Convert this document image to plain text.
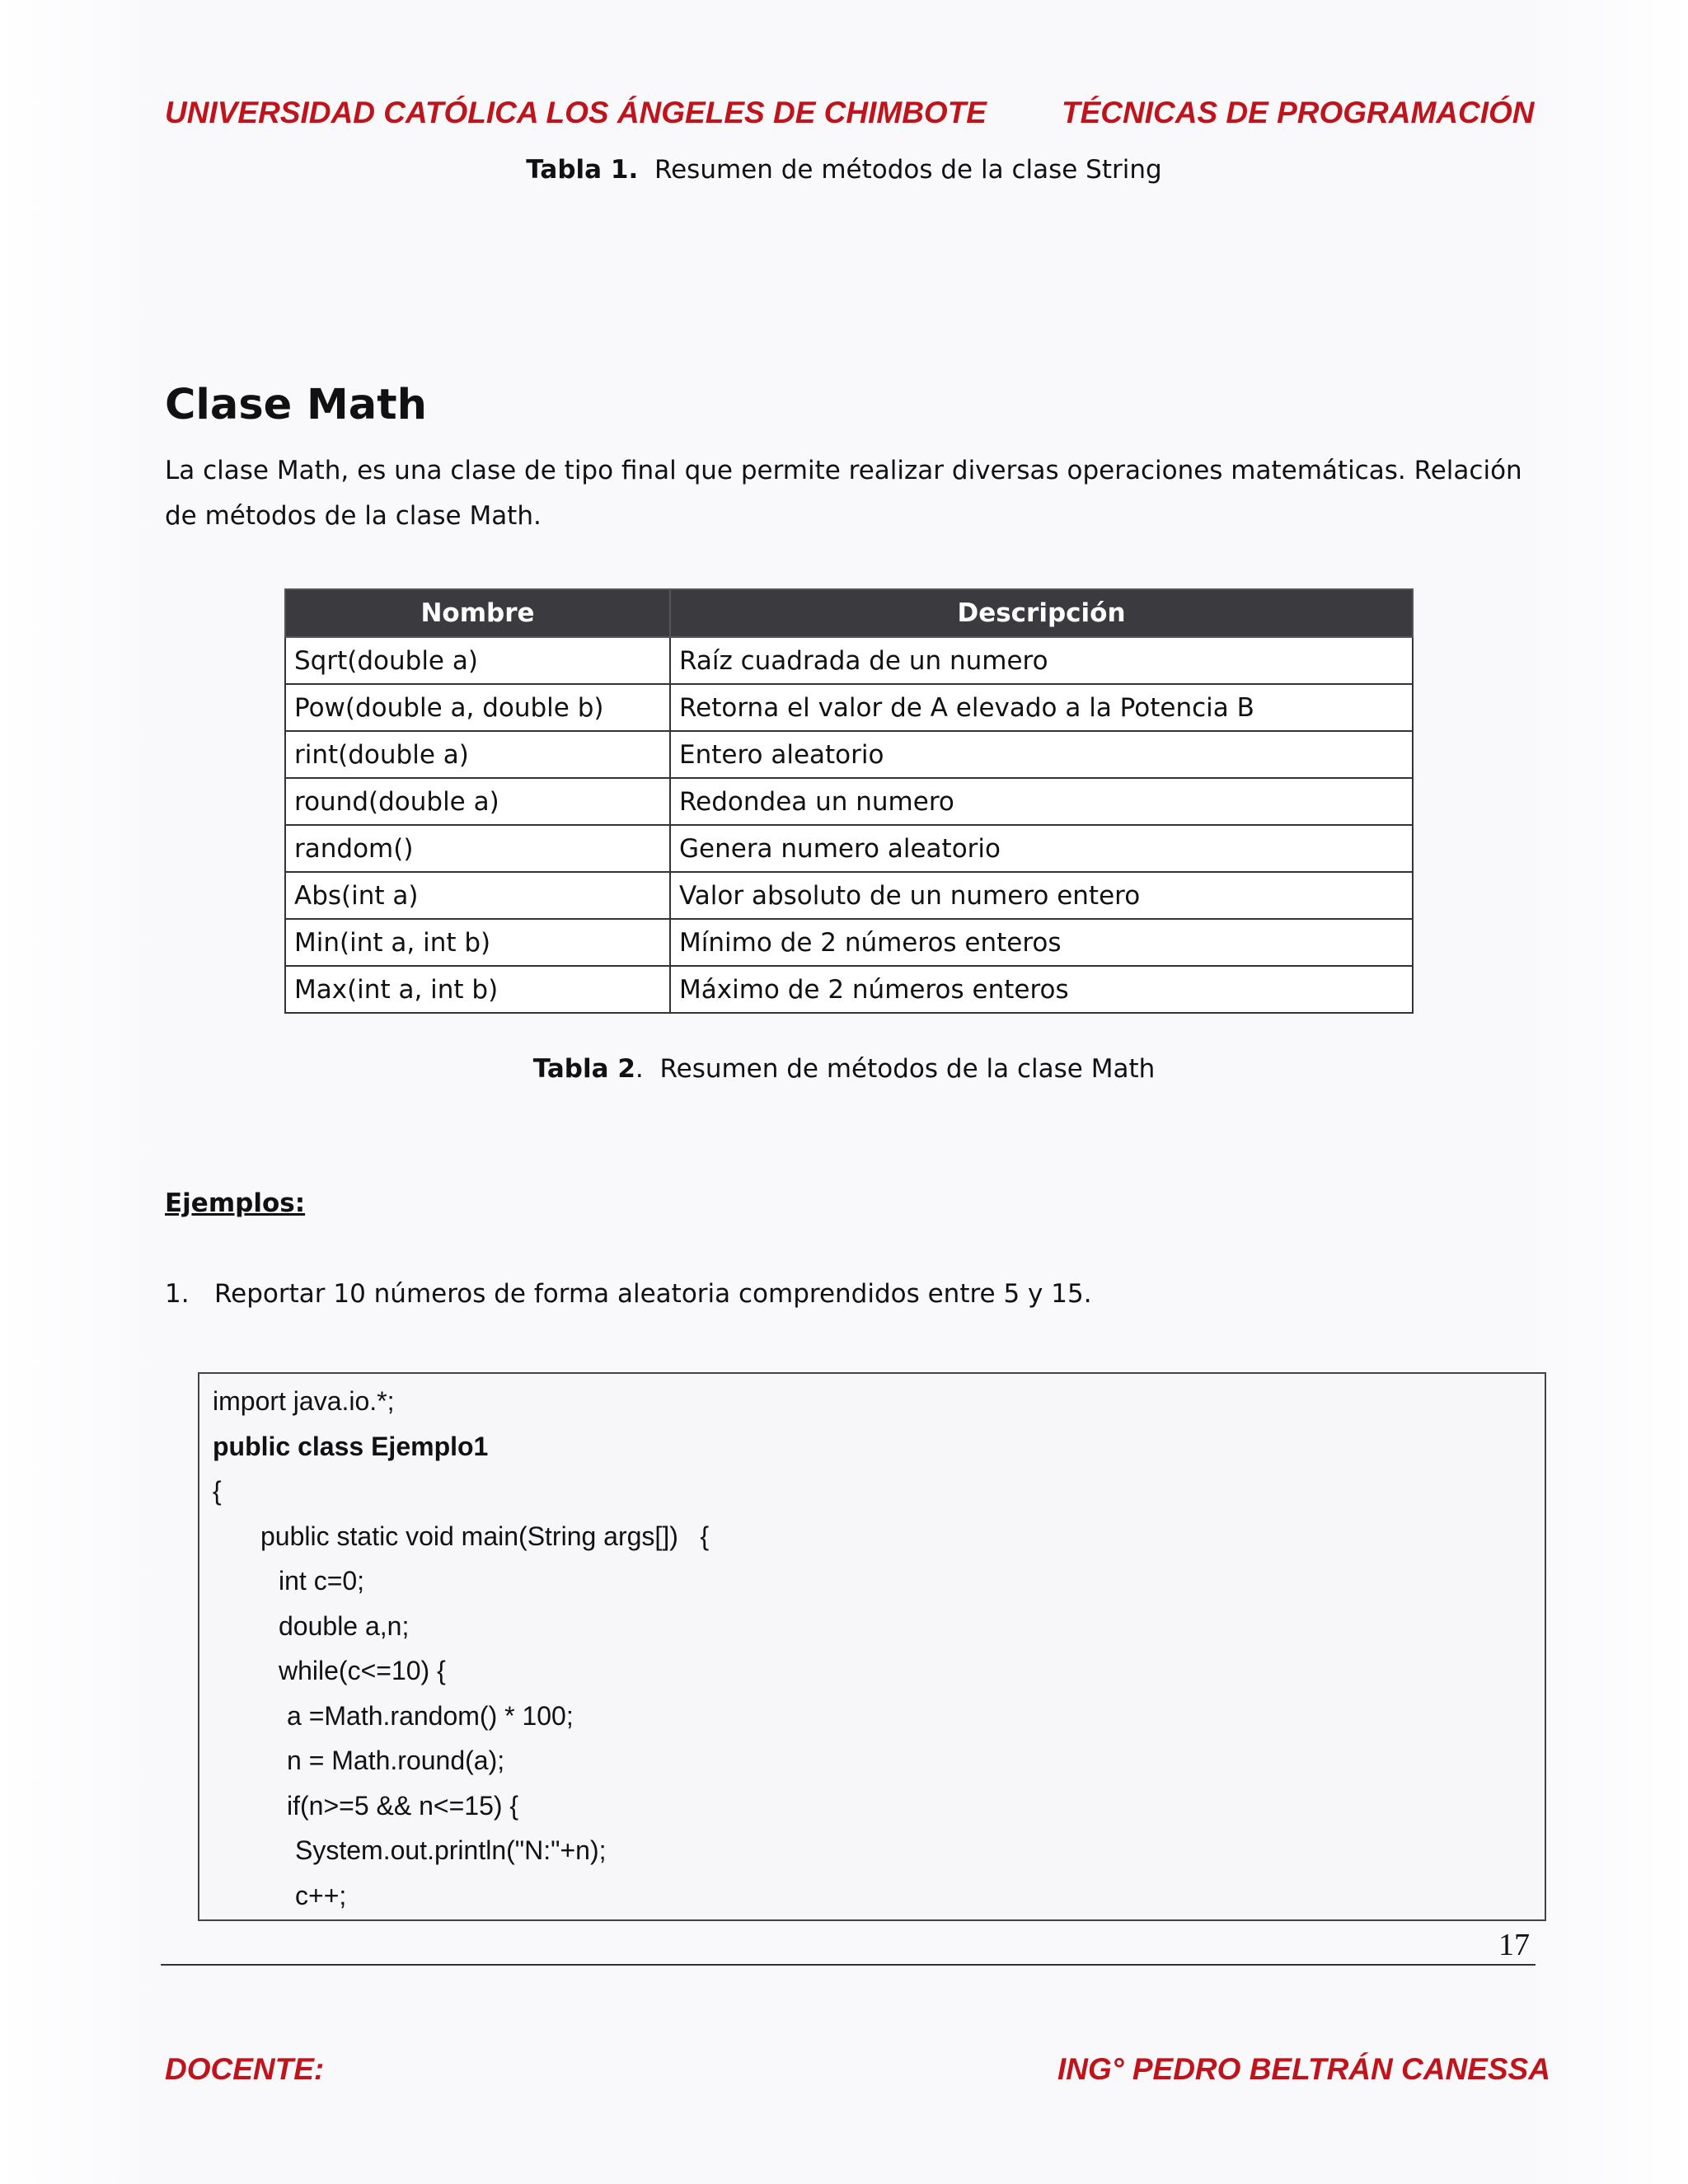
UNIVERSIDAD CATÓLICA LOS ÁNGELES DE CHIMBOTE TÉCNICAS DE PROGRAMACIÓN
Tabla 1.  Resumen de métodos de la clase String
Clase Math
La clase Math, es una clase de tipo final que permite realizar diversas operaciones matemáticas. Relación de métodos de la clase Math.
Nombre	Descripción
Sqrt(double a)	Raíz cuadrada de un numero
Pow(double a, double b)	Retorna el valor de A elevado a la Potencia B
rint(double a)	Entero aleatorio
round(double a)	Redondea un numero
random()	Genera numero aleatorio
Abs(int a)	Valor absoluto de un numero entero
Min(int a, int b)	Mínimo de 2 números enteros
Max(int a, int b)	Máximo de 2 números enteros
Tabla 2.  Resumen de métodos de la clase Math
Ejemplos:
1. Reportar 10 números de forma aleatoria comprendidos entre 5 y 15.
import java.io.*;
public class Ejemplo1
{
public static void main(String args[])   {
int c=0;
double a,n;
while(c<=10) {
a =Math.random() * 100;
n = Math.round(a);
if(n>=5 && n<=15) {
System.out.println("N:"+n);
c++;
17
DOCENTE:	ING° PEDRO BELTRÁN CANESSA
